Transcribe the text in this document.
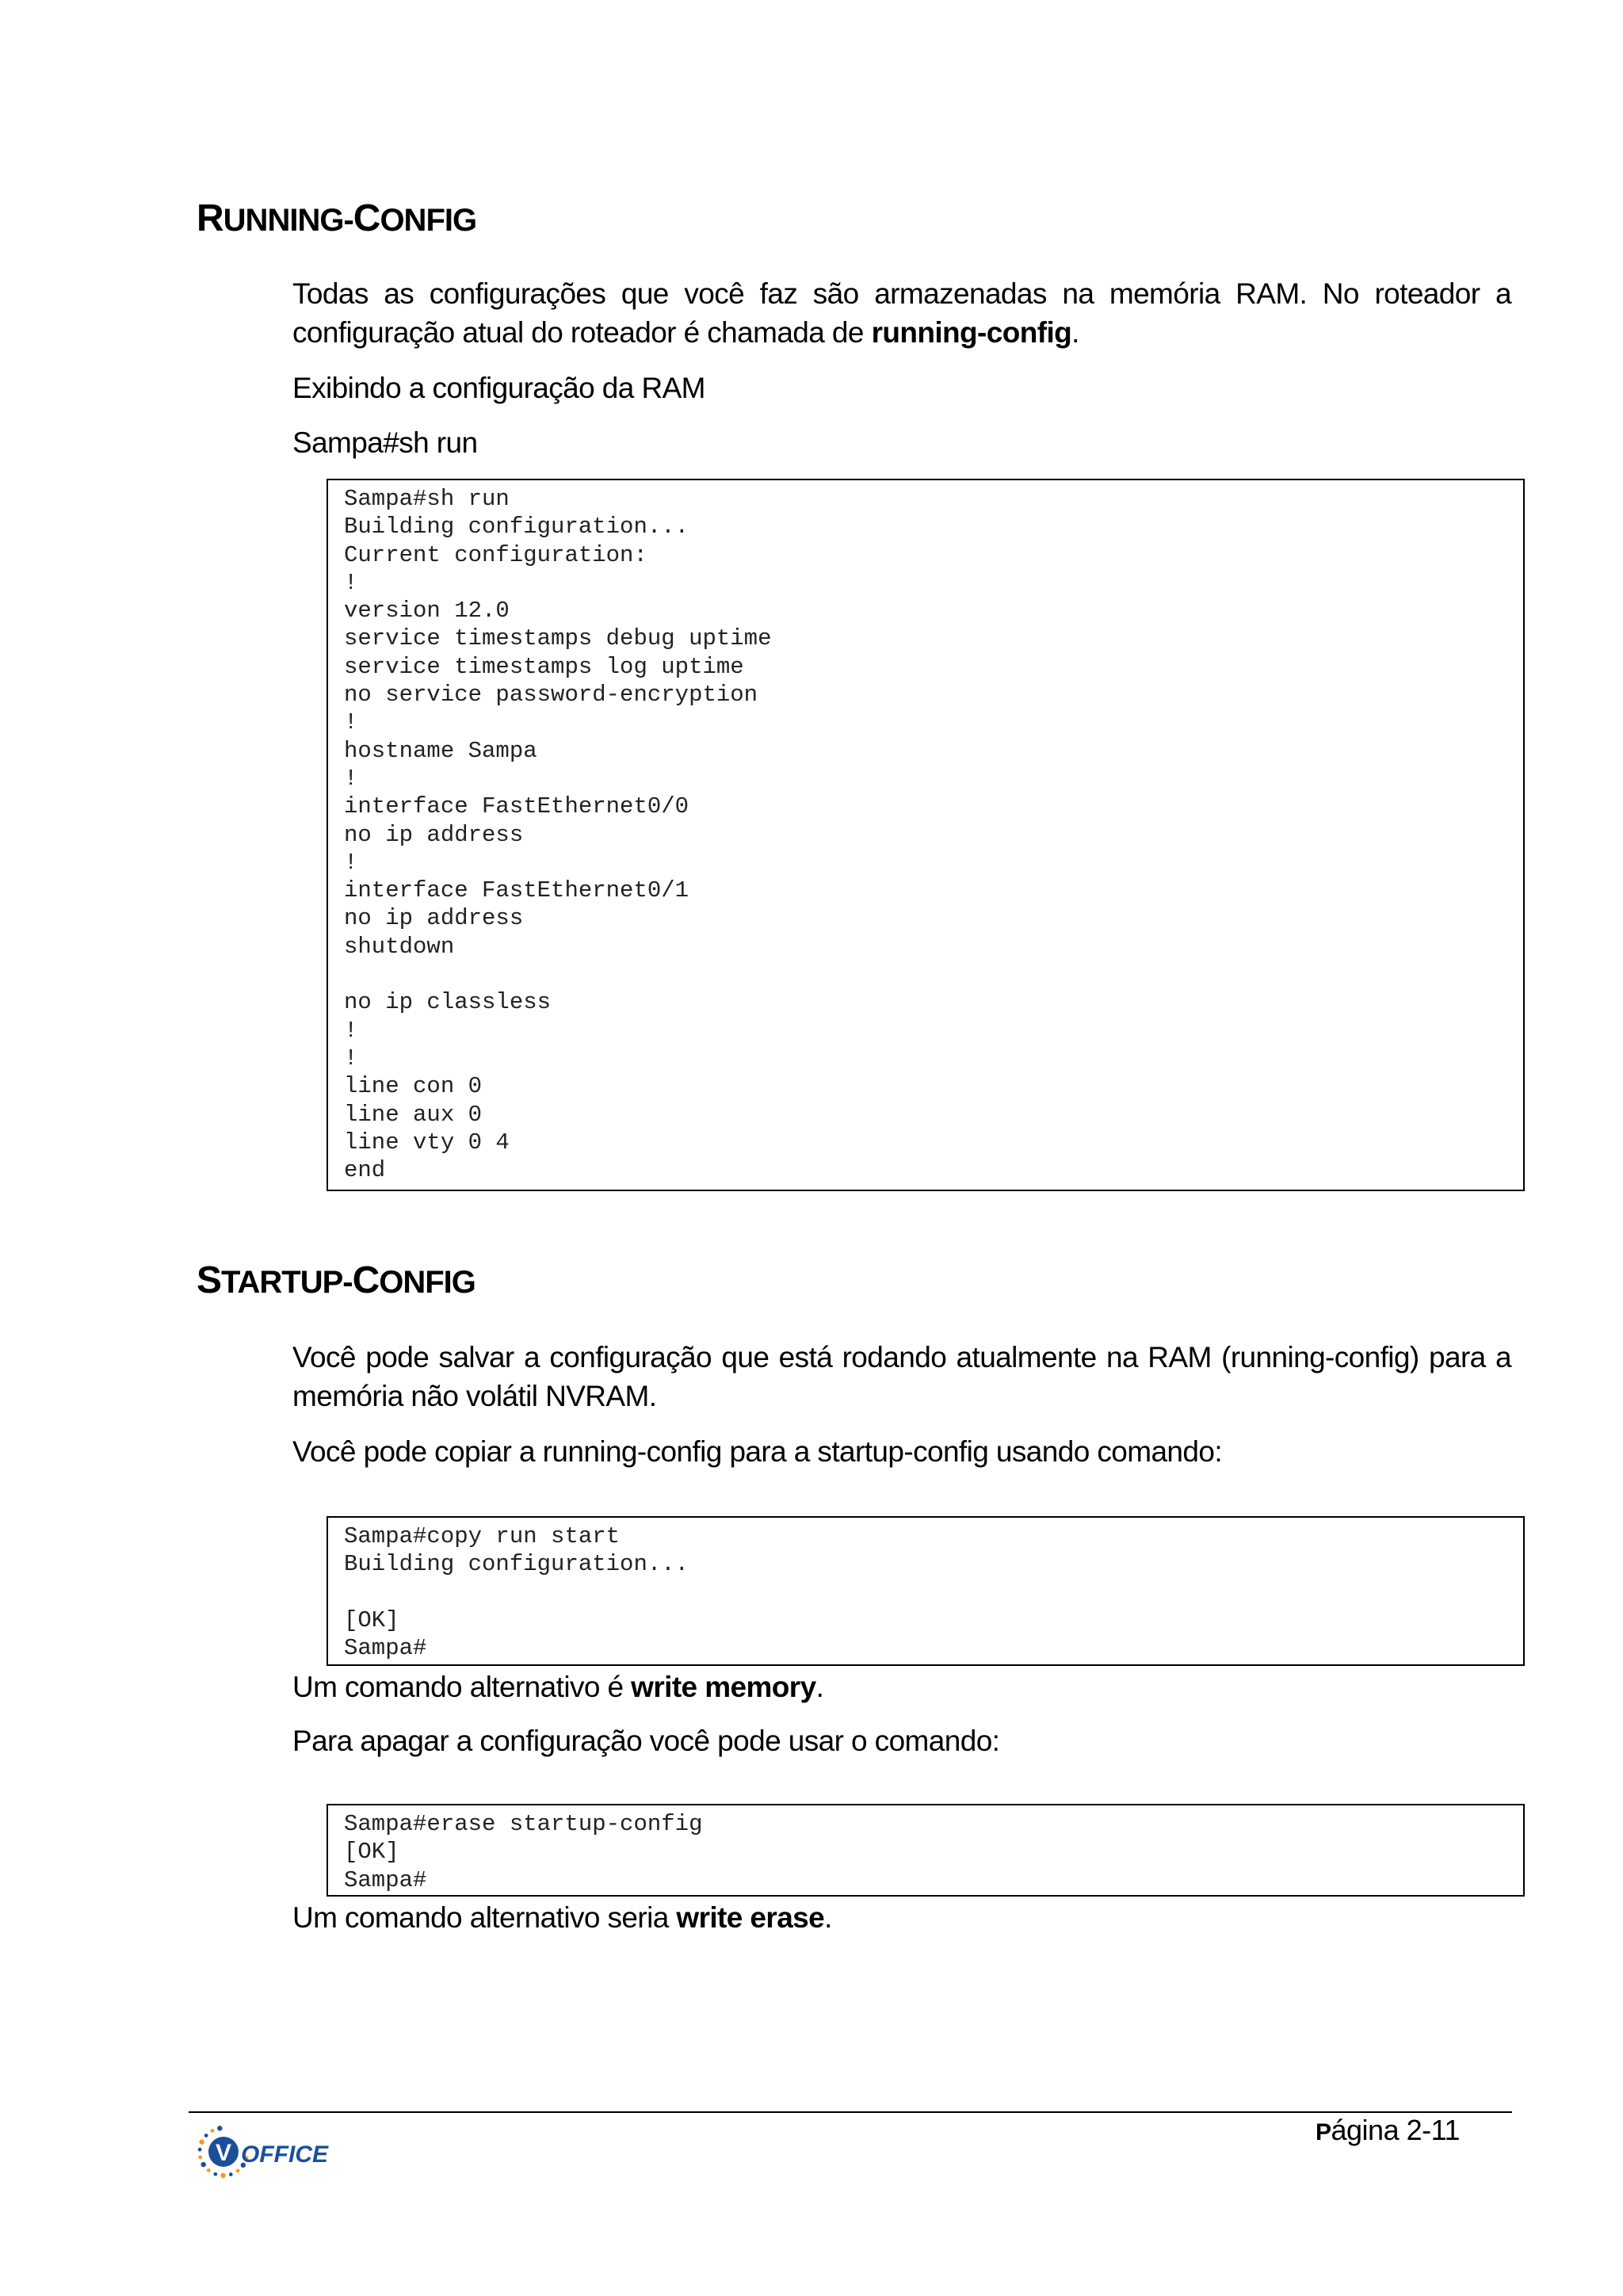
RUNNING-CONFIG

Todas as configurações que você faz são armazenadas na memória RAM. No roteador a configuração atual do roteador é chamada de running-config.

Exibindo a configuração da RAM

Sampa#sh run

Sampa#sh run
Building configuration...
Current configuration:
!
version 12.0
service timestamps debug uptime
service timestamps log uptime
no service password-encryption
!
hostname Sampa
!
interface FastEthernet0/0
no ip address
!
interface FastEthernet0/1
no ip address
shutdown
no ip classless
!
!
line con 0
line aux 0
line vty 0 4
end
STARTUP-CONFIG

Você pode salvar a configuração que está rodando atualmente na RAM (running-config) para a memória não volátil NVRAM.

Você pode copiar a running-config para a startup-config usando comando:

Sampa#copy run start
Building configuration...
[OK]
Sampa#

Um comando alternativo é write memory.

Para apagar a configuração você pode usar o comando:

Sampa#erase startup-config
[OK]
Sampa#

Um comando alternativo seria write erase.

V OFFICE
Página 2-11
